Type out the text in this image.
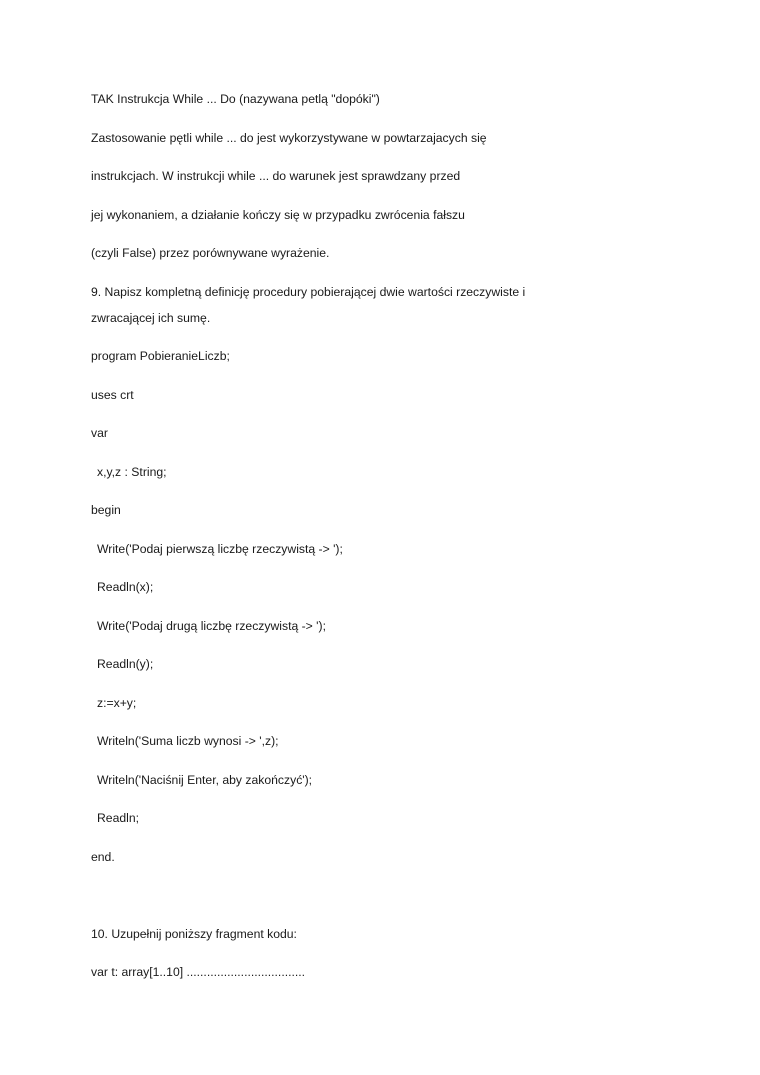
TAK Instrukcja While ... Do (nazywana petlą "dopóki")
Zastosowanie pętli while ... do jest wykorzystywane w powtarzajacych się
instrukcjach. W instrukcji while ... do warunek jest sprawdzany przed
jej wykonaniem, a działanie kończy się w przypadku zwrócenia fałszu
(czyli False) przez porównywane wyrażenie.
9. Napisz kompletną definicję procedury pobierającej dwie wartości rzeczywiste i
zwracającej ich sumę.
program PobieranieLiczb;
uses crt
var
x,y,z : String;
begin
Write('Podaj pierwszą liczbę rzeczywistą -> ');
Readln(x);
Write('Podaj drugą liczbę rzeczywistą -> ');
Readln(y);
z:=x+y;
Writeln('Suma liczb wynosi -> ',z);
Writeln('Naciśnij Enter, aby zakończyć');
Readln;
end.
10. Uzupełnij poniższy fragment kodu:
var t: array[1..10] ...................................
